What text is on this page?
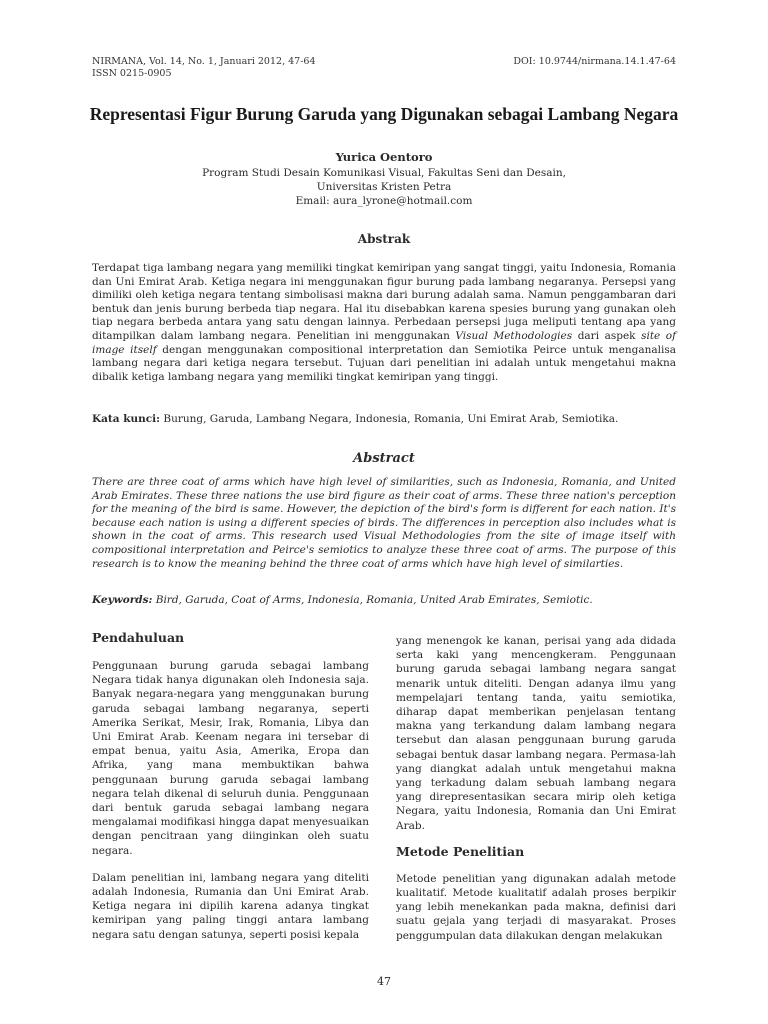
NIRMANA, Vol. 14, No. 1, Januari 2012, 47-64
ISSN 0215-0905
DOI: 10.9744/nirmana.14.1.47-64
Representasi Figur Burung Garuda yang Digunakan sebagai Lambang Negara
Yurica Oentoro
Program Studi Desain Komunikasi Visual, Fakultas Seni dan Desain,
Universitas Kristen Petra
Email: aura_lyrone@hotmail.com
Abstrak
Terdapat tiga lambang negara yang memiliki tingkat kemiripan yang sangat tinggi, yaitu Indonesia, Romania dan Uni Emirat Arab. Ketiga negara ini menggunakan figur burung pada lambang negaranya. Persepsi yang dimiliki oleh ketiga negara tentang simbolisasi makna dari burung adalah sama. Namun penggambaran dari bentuk dan jenis burung berbeda tiap negara. Hal itu disebabkan karena spesies burung yang gunakan oleh tiap negara berbeda antara yang satu dengan lainnya. Perbedaan persepsi juga meliputi tentang apa yang ditampilkan dalam lambang negara. Penelitian ini menggunakan Visual Methodologies dari aspek site of image itself dengan menggunakan compositional interpretation dan Semiotika Peirce untuk menganalisa lambang negara dari ketiga negara tersebut. Tujuan dari penelitian ini adalah untuk mengetahui makna dibalik ketiga lambang negara yang memiliki tingkat kemiripan yang tinggi.
Kata kunci: Burung, Garuda, Lambang Negara, Indonesia, Romania, Uni Emirat Arab, Semiotika.
Abstract
There are three coat of arms which have high level of similarities, such as Indonesia, Romania, and United Arab Emirates. These three nations the use bird figure as their coat of arms. These three nation's perception for the meaning of the bird is same. However, the depiction of the bird's form is different for each nation. It's because each nation is using a different species of birds. The differences in perception also includes what is shown in the coat of arms. This research used Visual Methodologies from the site of image itself with compositional interpretation and Peirce's semiotics to analyze these three coat of arms. The purpose of this research is to know the meaning behind the three coat of arms which have high level of similarties.
Keywords: Bird, Garuda, Coat of Arms, Indonesia, Romania, United Arab Emirates, Semiotic.
Pendahuluan
Penggunaan burung garuda sebagai lambang Negara tidak hanya digunakan oleh Indonesia saja. Banyak negara-negara yang menggunakan burung garuda sebagai lambang negaranya, seperti Amerika Serikat, Mesir, Irak, Romania, Libya dan Uni Emirat Arab. Keenam negara ini tersebar di empat benua, yaitu Asia, Amerika, Eropa dan Afrika, yang mana membuktikan bahwa penggunaan burung garuda sebagai lambang negara telah dikenal di seluruh dunia. Penggunaan dari bentuk garuda sebagai lambang negara mengalamai modifikasi hingga dapat menyesuaikan dengan pencitraan yang diinginkan oleh suatu negara.
Dalam penelitian ini, lambang negara yang diteliti adalah Indonesia, Rumania dan Uni Emirat Arab. Ketiga negara ini dipilih karena adanya tingkat kemiripan yang paling tinggi antara lambang negara satu dengan satunya, seperti posisi kepala
yang menengok ke kanan, perisai yang ada didada serta kaki yang mencengkeram. Penggunaan burung garuda sebagai lambang negara sangat menarik untuk diteliti. Dengan adanya ilmu yang mempelajari tentang tanda, yaitu semiotika, diharap dapat memberikan penjelasan tentang makna yang terkandung dalam lambang negara tersebut dan alasan penggunaan burung garuda sebagai bentuk dasar lambang negara. Permasa-lah yang diangkat adalah untuk mengetahui makna yang terkadung dalam sebuah lambang negara yang direpresentasikan secara mirip oleh ketiga Negara, yaitu Indonesia, Romania dan Uni Emirat Arab.
Metode Penelitian
Metode penelitian yang digunakan adalah metode kualitatif. Metode kualitatif adalah proses berpikir yang lebih menekankan pada makna, definisi dari suatu gejala yang terjadi di masyarakat. Proses penggumpulan data dilakukan dengan melakukan
47
